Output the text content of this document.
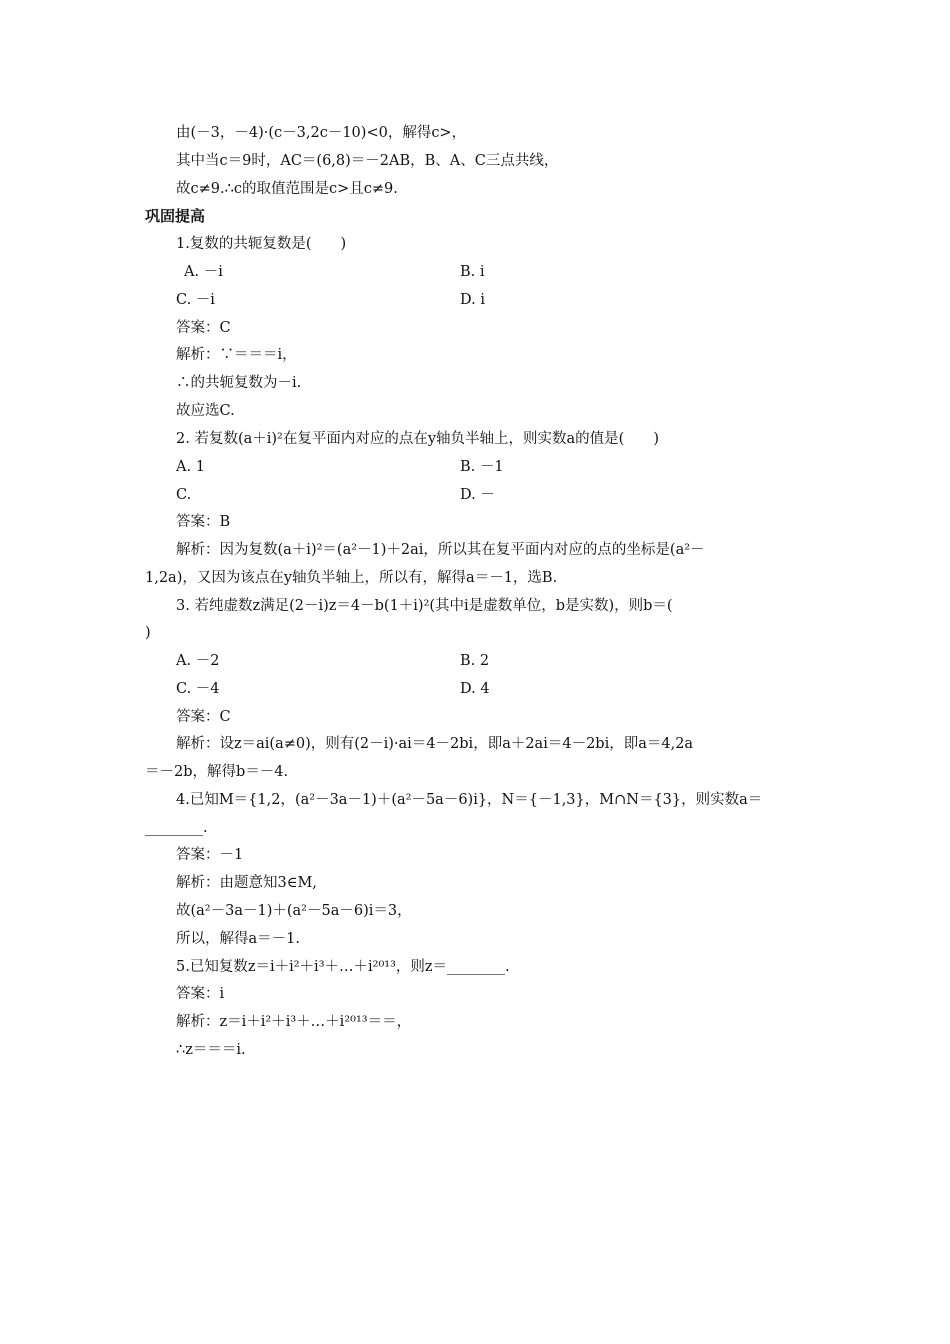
由(－3，－4)·(c－3,2c－10)<0，解得c>，
其中当c＝9时，AC＝(6,8)＝－2AB，B、A、C三点共线，
故c≠9.∴c的取值范围是c>且c≠9.
巩固提高
1.复数的共轭复数是(　　)
A. －i	B. i
C. －i	D. i
答案：C
解析：∵＝＝＝i，
∴的共轭复数为－i.
故应选C.
2. 若复数(a＋i)²在复平面内对应的点在y轴负半轴上，则实数a的值是(　　)
A. 1	B. －1
C.	D. －
答案：B
解析：因为复数(a＋i)²＝(a²－1)＋2ai，所以其在复平面内对应的点的坐标是(a²－
1,2a)，又因为该点在y轴负半轴上，所以有，解得a＝－1，选B.
3. 若纯虚数z满足(2－i)z＝4－b(1＋i)²(其中i是虚数单位，b是实数)，则b＝(
)
A. －2	B. 2
C. －4	D. 4
答案：C
解析：设z＝ai(a≠0)，则有(2－i)·ai＝4－2bi，即a＋2ai＝4－2bi，即a＝4,2a
＝－2b，解得b＝－4.
4.已知M＝{1,2，(a²－3a－1)＋(a²－5a－6)i}，N＝{－1,3}，M∩N＝{3}，则实数a＝
________.
答案：－1
解析：由题意知3∈M,
故(a²－3a－1)＋(a²－5a－6)i＝3，
所以，解得a＝－1.
5.已知复数z＝i＋i²＋i³＋…＋i²⁰¹³，则z＝________.
答案：i
解析：z＝i＋i²＋i³＋…＋i²⁰¹³＝＝，
∴z＝＝＝i.
